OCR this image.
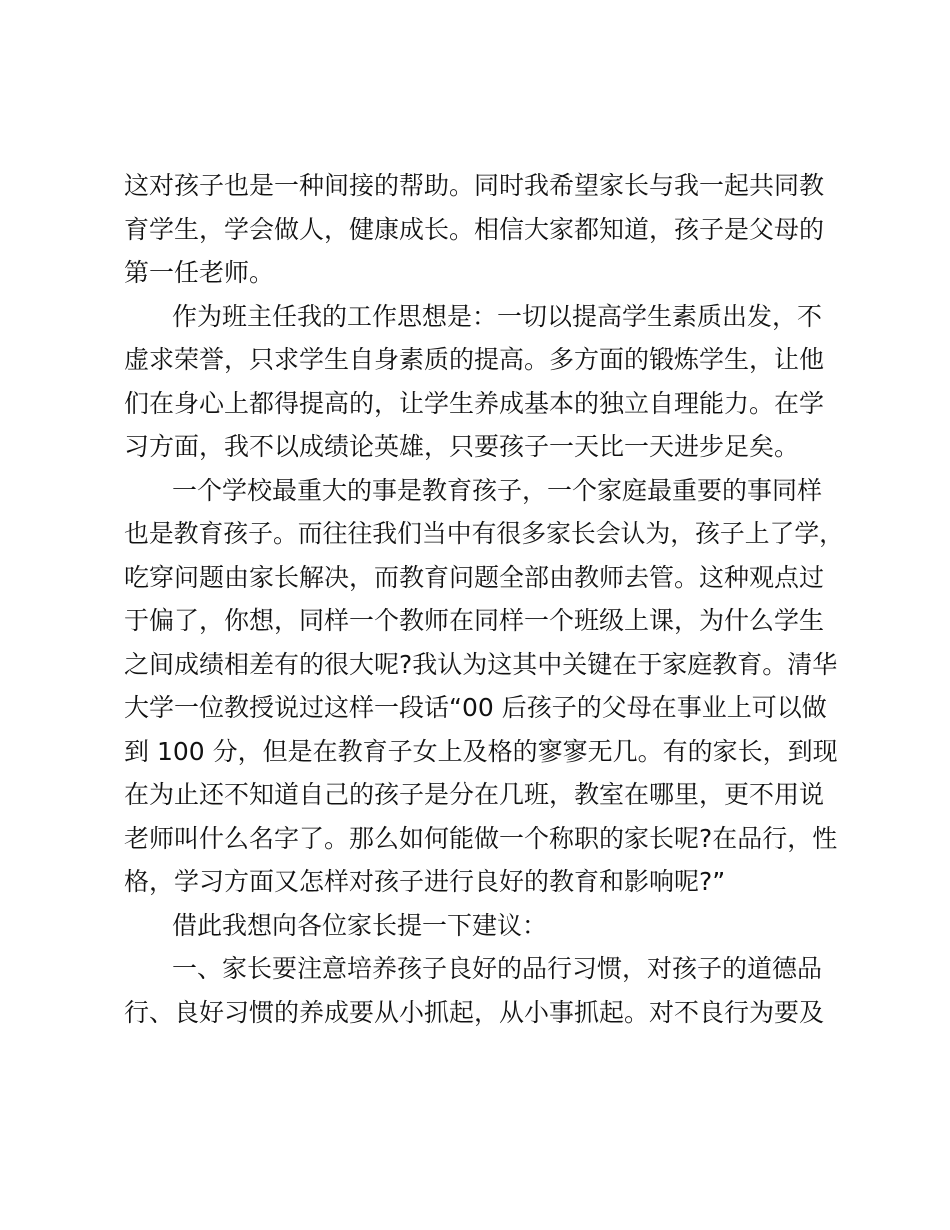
这对孩子也是一种间接的帮助。同时我希望家长与我一起共同教
育学生，学会做人，健康成长。相信大家都知道，孩子是父母的
第一任老师。
作为班主任我的工作思想是：一切以提高学生素质出发，不
虚求荣誉，只求学生自身素质的提高。多方面的锻炼学生，让他
们在身心上都得提高的，让学生养成基本的独立自理能力。在学
习方面，我不以成绩论英雄，只要孩子一天比一天进步足矣。
一个学校最重大的事是教育孩子，一个家庭最重要的事同样
也是教育孩子。而往往我们当中有很多家长会认为，孩子上了学，
吃穿问题由家长解决，而教育问题全部由教师去管。这种观点过
于偏了，你想，同样一个教师在同样一个班级上课，为什么学生
之间成绩相差有的很大呢?我认为这其中关键在于家庭教育。清华
大学一位教授说过这样一段话“00 后孩子的父母在事业上可以做
到 100 分，但是在教育子女上及格的寥寥无几。有的家长，到现
在为止还不知道自己的孩子是分在几班，教室在哪里，更不用说
老师叫什么名字了。那么如何能做一个称职的家长呢?在品行，性
格，学习方面又怎样对孩子进行良好的教育和影响呢?”
借此我想向各位家长提一下建议：
一、家长要注意培养孩子良好的品行习惯，对孩子的道德品
行、良好习惯的养成要从小抓起，从小事抓起。对不良行为要及
